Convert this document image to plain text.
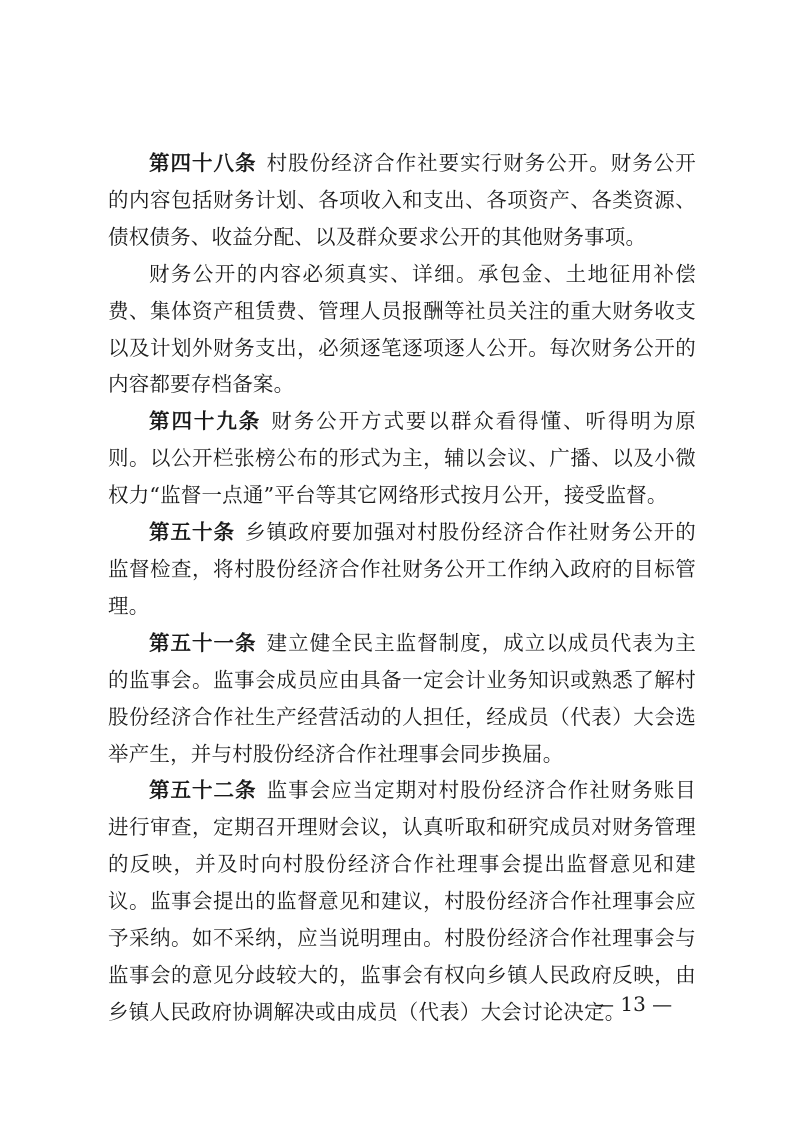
第四十八条 村股份经济合作社要实行财务公开。财务公开的内容包括财务计划、各项收入和支出、各项资产、各类资源、债权债务、收益分配、以及群众要求公开的其他财务事项。

财务公开的内容必须真实、详细。承包金、土地征用补偿费、集体资产租赁费、管理人员报酬等社员关注的重大财务收支以及计划外财务支出，必须逐笔逐项逐人公开。每次财务公开的内容都要存档备案。

第四十九条 财务公开方式要以群众看得懂、听得明为原则。以公开栏张榜公布的形式为主，辅以会议、广播、以及小微权力“监督一点通”平台等其它网络形式按月公开，接受监督。

第五十条 乡镇政府要加强对村股份经济合作社财务公开的监督检查，将村股份经济合作社财务公开工作纳入政府的目标管理。

第五十一条 建立健全民主监督制度，成立以成员代表为主的监事会。监事会成员应由具备一定会计业务知识或熟悉了解村股份经济合作社生产经营活动的人担任，经成员（代表）大会选举产生，并与村股份经济合作社理事会同步换届。

第五十二条 监事会应当定期对村股份经济合作社财务账目进行审查，定期召开理财会议，认真听取和研究成员对财务管理的反映，并及时向村股份经济合作社理事会提出监督意见和建议。监事会提出的监督意见和建议，村股份经济合作社理事会应予采纳。如不采纳，应当说明理由。村股份经济合作社理事会与监事会的意见分歧较大的，监事会有权向乡镇人民政府反映，由乡镇人民政府协调解决或由成员（代表）大会讨论决定。

— 13 —
